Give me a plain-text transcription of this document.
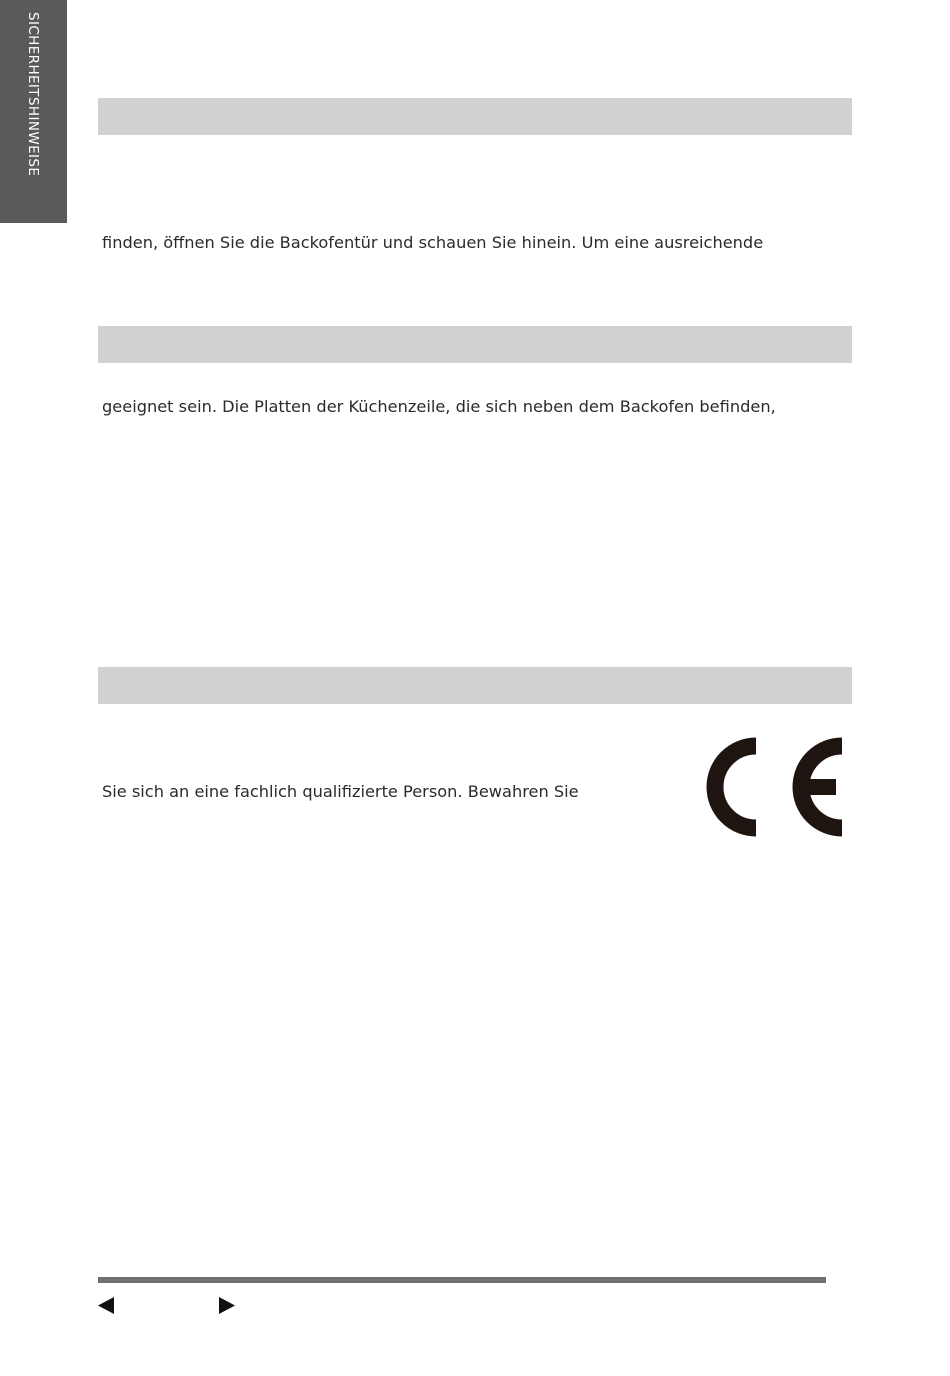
SICHERHEITSHINWEISE
finden, öffnen Sie die Backofentür und schauen Sie hinein. Um eine ausreichende
geeignet sein. Die Platten der Küchenzeile, die sich neben dem Backofen befinden,
Sie sich an eine fachlich qualifizierte Person. Bewahren Sie
